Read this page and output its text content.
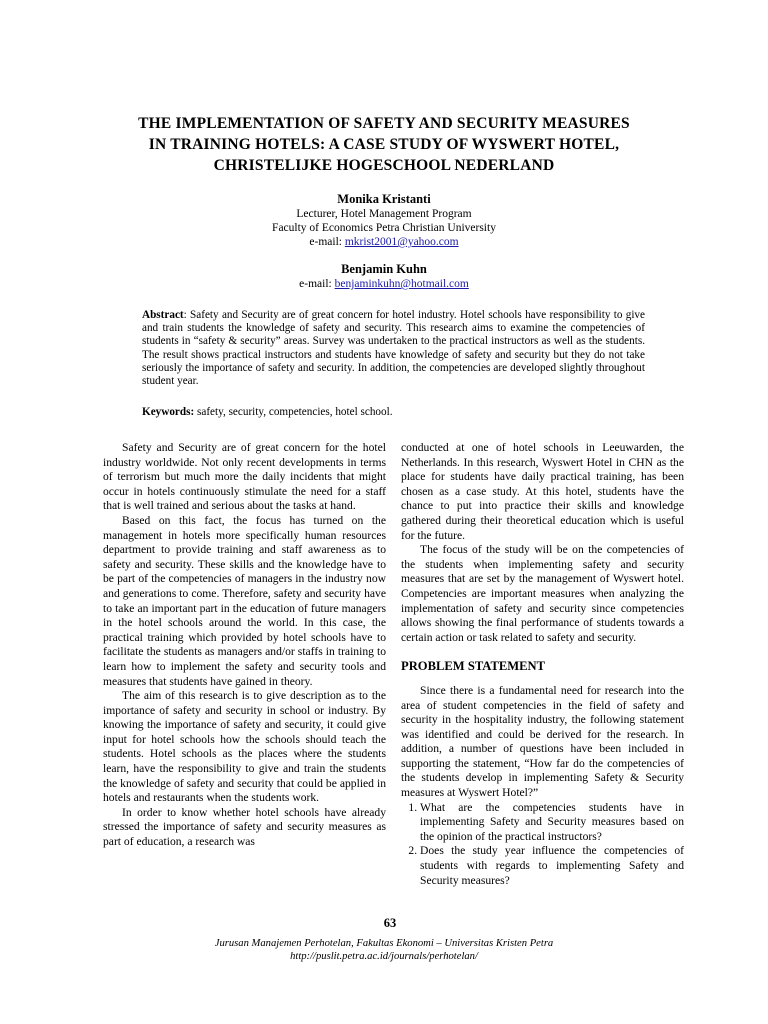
THE IMPLEMENTATION OF SAFETY AND SECURITY MEASURES
IN TRAINING HOTELS: A CASE STUDY OF WYSWERT HOTEL,
CHRISTELIJKE HOGESCHOOL NEDERLAND
Monika Kristanti
Lecturer, Hotel Management Program
Faculty of Economics Petra Christian University
e-mail: mkrist2001@yahoo.com
Benjamin Kuhn
e-mail: benjaminkuhn@hotmail.com
Abstract: Safety and Security are of great concern for hotel industry. Hotel schools have responsibility to give and train students the knowledge of safety and security. This research aims to examine the competencies of students in “safety & security” areas. Survey was undertaken to the practical instructors as well as the students. The result shows practical instructors and students have knowledge of safety and security but they do not take seriously the importance of safety and security. In addition, the competencies are developed slightly throughout student year.
Keywords: safety, security, competencies, hotel school.

Safety and Security are of great concern for the hotel industry worldwide. Not only recent developments in terms of terrorism but much more the daily incidents that might occur in hotels continuously stimulate the need for a staff that is well trained and serious about the tasks at hand.

Based on this fact, the focus has turned on the management in hotels more specifically human resources department to provide training and staff awareness as to safety and security. These skills and the knowledge have to be part of the competencies of managers in the industry now and generations to come. Therefore, safety and security have to take an important part in the education of future managers in the hotel schools around the world. In this case, the practical training which provided by hotel schools have to facilitate the students as managers and/or staffs in training to learn how to implement the safety and security tools and measures that students have gained in theory.

The aim of this research is to give description as to the importance of safety and security in school or industry. By knowing the importance of safety and security, it could give input for hotel schools how the schools should teach the students. Hotel schools as the places where the students learn, have the responsibility to give and train the students the knowledge of safety and security that could be applied in hotels and restaurants when the students work.

In order to know whether hotel schools have already stressed the importance of safety and security measures as part of education, a research was

conducted at one of hotel schools in Leeuwarden, the Netherlands. In this research, Wyswert Hotel in CHN as the place for students have daily practical training, has been chosen as a case study. At this hotel, students have the chance to put into practice their skills and knowledge gathered during their theoretical education which is useful for the future.

The focus of the study will be on the competencies of the students when implementing safety and security measures that are set by the management of Wyswert hotel. Competencies are important measures when analyzing the implementation of safety and security since competencies allows showing the final performance of students towards a certain action or task related to safety and security.

PROBLEM STATEMENT

Since there is a fundamental need for research into the area of student competencies in the field of safety and security in the hospitality industry, the following statement was identified and could be derived for the research. In addition, a number of questions have been included in supporting the statement, “How far do the competencies of the students develop in implementing Safety & Security measures at Wyswert Hotel?”

1. What are the competencies students have in implementing Safety and Security measures based on the opinion of the practical instructors?
2. Does the study year influence the competencies of students with regards to implementing Safety and Security measures?
63
Jurusan Manajemen Perhotelan, Fakultas Ekonomi – Universitas Kristen Petra
http://puslit.petra.ac.id/journals/perhotelan/
